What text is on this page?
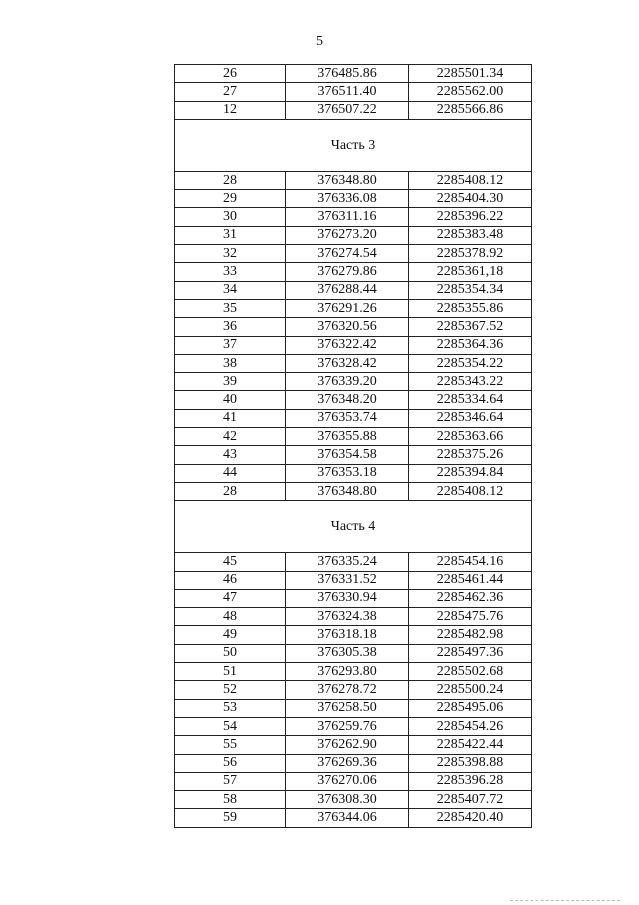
5
26	376485.86	2285501.34
27	376511.40	2285562.00
12	376507.22	2285566.86
Часть 3		
28	376348.80	2285408.12
29	376336.08	2285404.30
30	376311.16	2285396.22
31	376273.20	2285383.48
32	376274.54	2285378.92
33	376279.86	2285361,18
34	376288.44	2285354.34
35	376291.26	2285355.86
36	376320.56	2285367.52
37	376322.42	2285364.36
38	376328.42	2285354.22
39	376339.20	2285343.22
40	376348.20	2285334.64
41	376353.74	2285346.64
42	376355.88	2285363.66
43	376354.58	2285375.26
44	376353.18	2285394.84
28	376348.80	2285408.12
Часть 4		
45	376335.24	2285454.16
46	376331.52	2285461.44
47	376330.94	2285462.36
48	376324.38	2285475.76
49	376318.18	2285482.98
50	376305.38	2285497.36
51	376293.80	2285502.68
52	376278.72	2285500.24
53	376258.50	2285495.06
54	376259.76	2285454.26
55	376262.90	2285422.44
56	376269.36	2285398.88
57	376270.06	2285396.28
58	376308.30	2285407.72
59	376344.06	2285420.40
